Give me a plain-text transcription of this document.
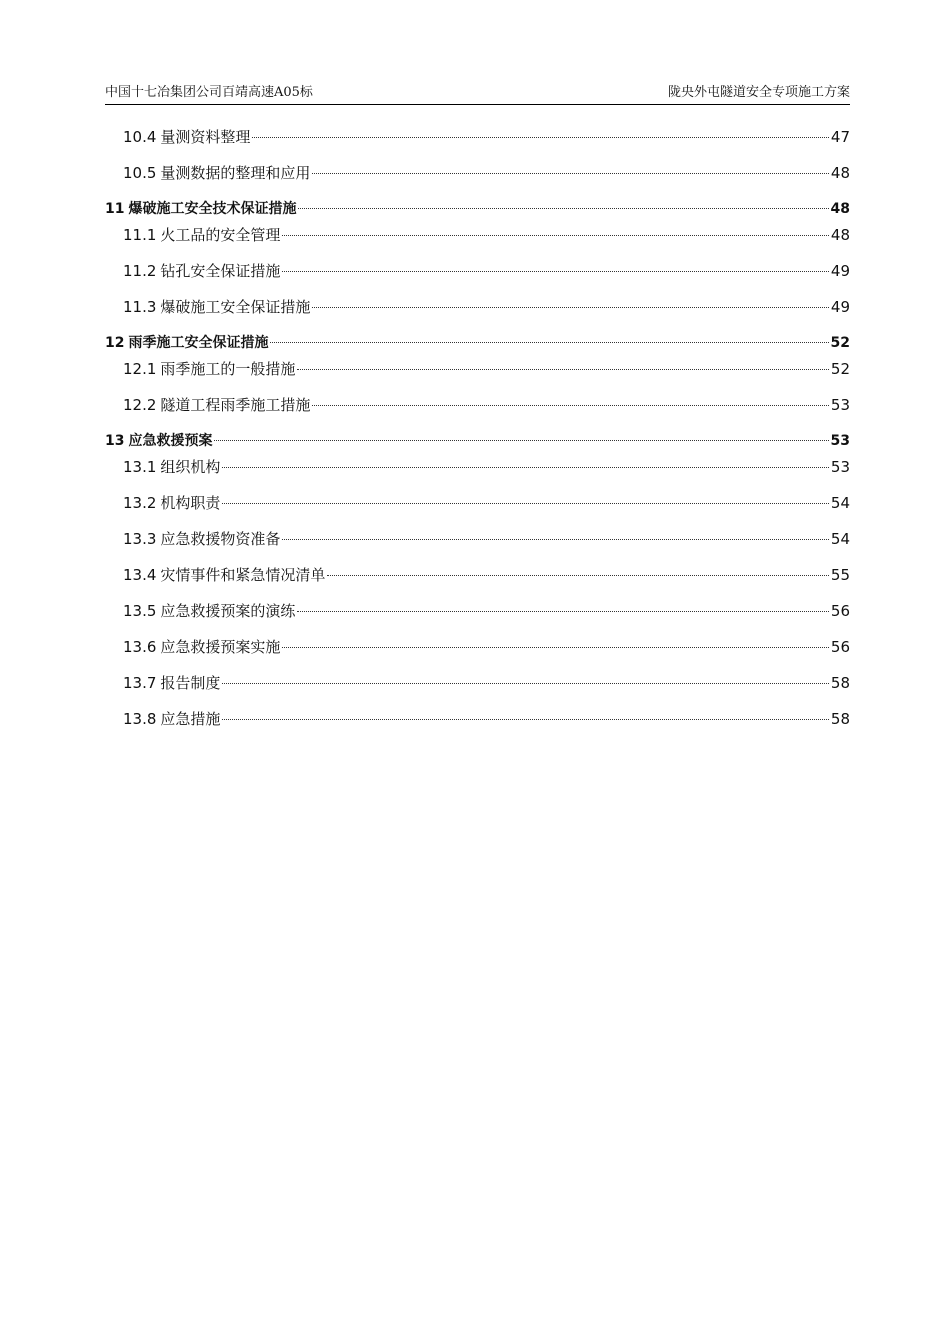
中国十七冶集团公司百靖高速A05标	陇央外屯隧道安全专项施工方案
10.4 量测资料整理	47
10.5 量测数据的整理和应用	48
11 爆破施工安全技术保证措施	48
11.1 火工品的安全管理	48
11.2 钻孔安全保证措施	49
11.3 爆破施工安全保证措施	49
12 雨季施工安全保证措施	52
12.1 雨季施工的一般措施	52
12.2 隧道工程雨季施工措施	53
13 应急救援预案	53
13.1 组织机构	53
13.2 机构职责	54
13.3 应急救援物资准备	54
13.4 灾情事件和紧急情况清单	55
13.5 应急救援预案的演练	56
13.6 应急救援预案实施	56
13.7 报告制度	58
13.8 应急措施	58
